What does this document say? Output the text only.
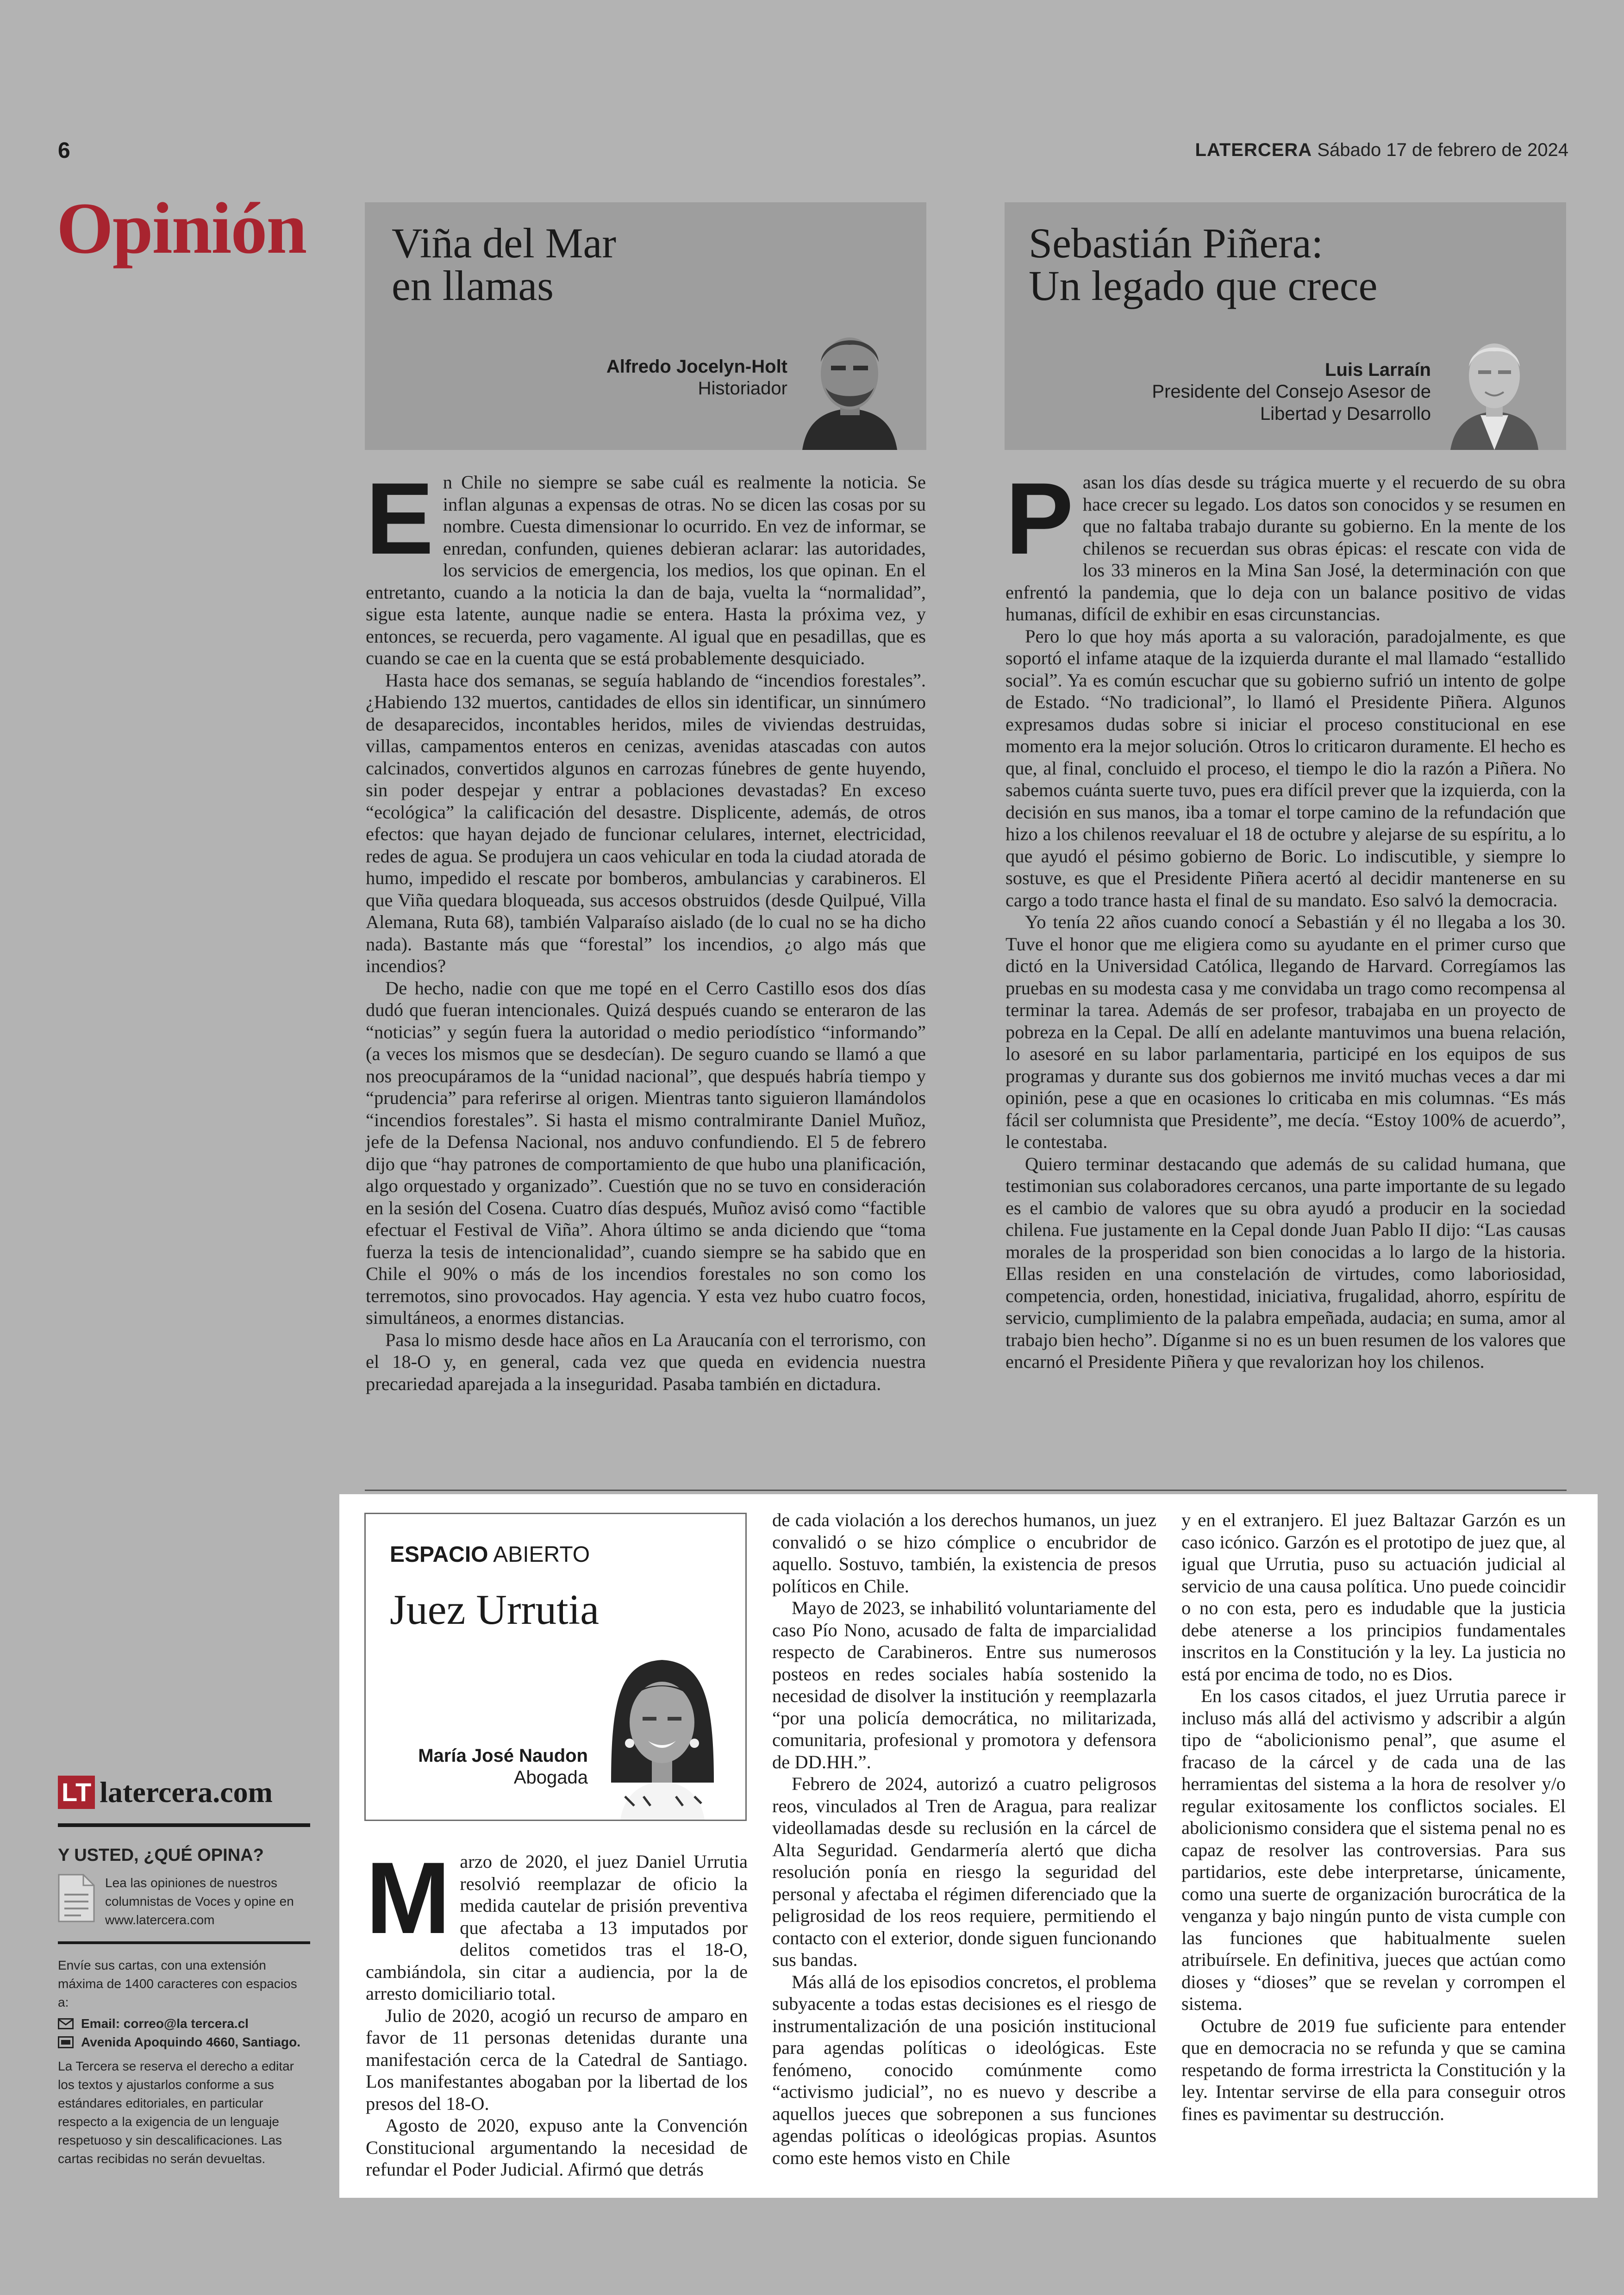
6	LATERCERA Sábado 17 de febrero de 2024
Opinión Viña del Mar
en llamas
Alfredo Jocelyn-Holt
Historiador
Sebastián Piñera:
Un legado que crece
Luis Larraín
Presidente del Consejo Asesor de
Libertad y Desarrollo
E n Chile no siempre se sabe cuál es realmente la noticia. Se inflan algunas a expensas de otras. No se dicen las cosas por su nombre. Cuesta dimensionar lo ocurrido. En vez de informar, se enredan, confunden, quienes debieran aclarar: las autoridades, los servicios de emergencia, los medios, los que opinan. En el entretanto, cuando a la noticia la dan de baja, vuelta la “normalidad”, sigue esta latente, aunque nadie se entera. Hasta la próxima vez, y entonces, se recuerda, pero vagamente. Al igual que en pesadillas, que es cuando se cae en la cuenta que se está probablemente desquiciado.

Hasta hace dos semanas, se seguía hablando de “incendios forestales”. ¿Habiendo 132 muertos, cantidades de ellos sin identificar, un sinnúmero de desaparecidos, incontables heridos, miles de viviendas destruidas, villas, campamentos enteros en cenizas, avenidas atascadas con autos calcinados, convertidos algunos en carrozas fúnebres de gente huyendo, sin poder despejar y entrar a poblaciones devastadas? En exceso “ecológica” la calificación del desastre. Displicente, además, de otros efectos: que hayan dejado de funcionar celulares, internet, electricidad, redes de agua. Se produjera un caos vehicular en toda la ciudad atorada de humo, impedido el rescate por bomberos, ambulancias y carabineros. El que Viña quedara bloqueada, sus accesos obstruidos (desde Quilpué, Villa Alemana, Ruta 68), también Valparaíso aislado (de lo cual no se ha dicho nada). Bastante más que “forestal” los incendios, ¿o algo más que incendios?

De hecho, nadie con que me topé en el Cerro Castillo esos dos días dudó que fueran intencionales. Quizá después cuando se enteraron de las “noticias” y según fuera la autoridad o medio periodístico “informando” (a veces los mismos que se desdecían). De seguro cuando se llamó a que nos preocupáramos de la “unidad nacional”, que después habría tiempo y “prudencia” para referirse al origen. Mientras tanto siguieron llamándolos “incendios forestales”. Si hasta el mismo contralmirante Daniel Muñoz, jefe de la Defensa Nacional, nos anduvo confundiendo. El 5 de febrero dijo que “hay patrones de comportamiento de que hubo una planificación, algo orquestado y organizado”. Cuestión que no se tuvo en consideración en la sesión del Cosena. Cuatro días después, Muñoz avisó como “factible efectuar el Festival de Viña”. Ahora último se anda diciendo que “toma fuerza la tesis de intencionalidad”, cuando siempre se ha sabido que en Chile el 90% o más de los incendios forestales no son como los terremotos, sino provocados. Hay agencia. Y esta vez hubo cuatro focos, simultáneos, a enormes distancias.

Pasa lo mismo desde hace años en La Araucanía con el terrorismo, con el 18-O y, en general, cada vez que queda en evidencia nuestra precariedad aparejada a la inseguridad. Pasaba también en dictadura.

P asan los días desde su trágica muerte y el recuerdo de su obra hace crecer su legado. Los datos son conocidos y se resumen en que no faltaba trabajo durante su gobierno. En la mente de los chilenos se recuerdan sus obras épicas: el rescate con vida de los 33 mineros en la Mina San José, la determinación con que enfrentó la pandemia, que lo deja con un balance positivo de vidas humanas, difícil de exhibir en esas circunstancias.

Pero lo que hoy más aporta a su valoración, paradojalmente, es que soportó el infame ataque de la izquierda durante el mal llamado “estallido social”. Ya es común escuchar que su gobierno sufrió un intento de golpe de Estado. “No tradicional”, lo llamó el Presidente Piñera. Algunos expresamos dudas sobre si iniciar el proceso constitucional en ese momento era la mejor solución. Otros lo criticaron duramente. El hecho es que, al final, concluido el proceso, el tiempo le dio la razón a Piñera. No sabemos cuánta suerte tuvo, pues era difícil prever que la izquierda, con la decisión en sus manos, iba a tomar el torpe camino de la refundación que hizo a los chilenos reevaluar el 18 de octubre y alejarse de su espíritu, a lo que ayudó el pésimo gobierno de Boric. Lo indiscutible, y siempre lo sostuve, es que el Presidente Piñera acertó al decidir mantenerse en su cargo a todo trance hasta el final de su mandato. Eso salvó la democracia.

Yo tenía 22 años cuando conocí a Sebastián y él no llegaba a los 30. Tuve el honor que me eligiera como su ayudante en el primer curso que dictó en la Universidad Católica, llegando de Harvard. Corregíamos las pruebas en su modesta casa y me convidaba un trago como recompensa al terminar la tarea. Además de ser profesor, trabajaba en un proyecto de pobreza en la Cepal. De allí en adelante mantuvimos una buena relación, lo asesoré en su labor parlamentaria, participé en los equipos de sus programas y durante sus dos gobiernos me invitó muchas veces a dar mi opinión, pese a que en ocasiones lo criticaba en mis columnas. “Es más fácil ser columnista que Presidente”, me decía. “Estoy 100% de acuerdo”, le contestaba.

Quiero terminar destacando que además de su calidad humana, que testimonian sus colaboradores cercanos, una parte importante de su legado es el cambio de valores que su obra ayudó a producir en la sociedad chilena. Fue justamente en la Cepal donde Juan Pablo II dijo: “Las causas morales de la prosperidad son bien conocidas a lo largo de la historia. Ellas residen en una constelación de virtudes, como laboriosidad, competencia, orden, honestidad, iniciativa, frugalidad, ahorro, espíritu de servicio, cumplimiento de la palabra empeñada, audacia; en suma, amor al trabajo bien hecho”. Díganme si no es un buen resumen de los valores que encarnó el Presidente Piñera y que revalorizan hoy los chilenos.

ESPACIO ABIERTO
Juez Urrutia
María José Naudon
Abogada
M arzo de 2020, el juez Daniel Urrutia resolvió reemplazar de oficio la medida cautelar de prisión preventiva que afectaba a 13 imputados por delitos cometidos tras el 18-O, cambiándola, sin citar a audiencia, por la de arresto domiciliario total.

Julio de 2020, acogió un recurso de amparo en favor de 11 personas detenidas durante una manifestación cerca de la Catedral de Santiago. Los manifestantes abogaban por la libertad de los presos del 18-O.

Agosto de 2020, expuso ante la Convención Constitucional argumentando la necesidad de refundar el Poder Judicial. Afirmó que detrás

de cada violación a los derechos humanos, un juez convalidó o se hizo cómplice o encubridor de aquello. Sostuvo, también, la existencia de presos políticos en Chile.

Mayo de 2023, se inhabilitó voluntariamente del caso Pío Nono, acusado de falta de imparcialidad respecto de Carabineros. Entre sus numerosos posteos en redes sociales había sostenido la necesidad de disolver la institución y reemplazarla “por una policía democrática, no militarizada, comunitaria, profesional y promotora y defensora de DD.HH.”.

Febrero de 2024, autorizó a cuatro peligrosos reos, vinculados al Tren de Aragua, para realizar videollamadas desde su reclusión en la cárcel de Alta Seguridad. Gendarmería alertó que dicha resolución ponía en riesgo la seguridad del personal y afectaba el régimen diferenciado que la peligrosidad de los reos requiere, permitiendo el contacto con el exterior, donde siguen funcionando sus bandas.

Más allá de los episodios concretos, el problema subyacente a todas estas decisiones es el riesgo de instrumentalización de una posición institucional para agendas políticas o ideológicas. Este fenómeno, conocido comúnmente como “activismo judicial”, no es nuevo y describe a aquellos jueces que sobreponen a sus funciones agendas políticas o ideológicas propias. Asuntos como este hemos visto en Chile

y en el extranjero. El juez Baltazar Garzón es un caso icónico. Garzón es el prototipo de juez que, al igual que Urrutia, puso su actuación judicial al servicio de una causa política. Uno puede coincidir o no con esta, pero es indudable que la justicia debe atenerse a los principios fundamentales inscritos en la Constitución y la ley. La justicia no está por encima de todo, no es Dios.

En los casos citados, el juez Urrutia parece ir incluso más allá del activismo y adscribir a algún tipo de “abolicionismo penal”, que asume el fracaso de la cárcel y de cada una de las herramientas del sistema a la hora de resolver y/o regular exitosamente los conflictos sociales. El abolicionismo considera que el sistema penal no es capaz de resolver las controversias. Para sus partidarios, este debe interpretarse, únicamente, como una suerte de organización burocrática de la venganza y bajo ningún punto de vista cumple con las funciones que habitualmente suelen atribuírsele. En definitiva, jueces que actúan como dioses y “dioses” que se revelan y corrompen el sistema.

Octubre de 2019 fue suficiente para entender que en democracia no se refunda y que se camina respetando de forma irrestricta la Constitución y la ley. Intentar servirse de ella para conseguir otros fines es pavimentar su destrucción.

LT latercera.com
Y USTED, ¿QUÉ OPINA?
Lea las opiniones de nuestros columnistas de Voces y opine en www.latercera.com
Envíe sus cartas, con una extensión máxima de 1400 caracteres con espacios a:
Email: correo@la tercera.cl
Avenida Apoquindo 4660, Santiago.
La Tercera se reserva el derecho a editar los textos y ajustarlos conforme a sus estándares editoriales, en particular respecto a la exigencia de un lenguaje respetuoso y sin descalificaciones. Las cartas recibidas no serán devueltas.
